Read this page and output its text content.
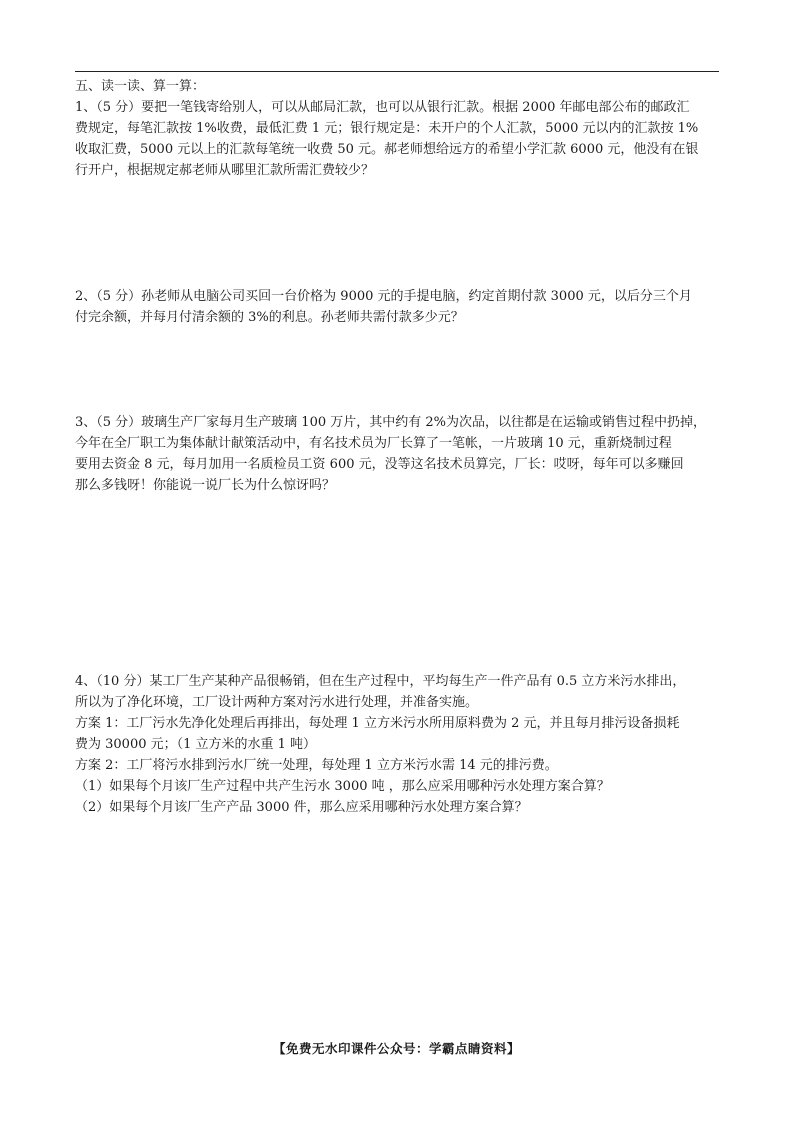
五、读一读、算一算：
1、（5 分）要把一笔钱寄给别人，可以从邮局汇款，也可以从银行汇款。根据 2000 年邮电部公布的邮政汇
费规定，每笔汇款按 1%收费，最低汇费 1 元；银行规定是：未开户的个人汇款，5000 元以内的汇款按 1%
收取汇费，5000 元以上的汇款每笔统一收费 50 元。郝老师想给远方的希望小学汇款 6000 元，他没有在银
行开户，根据规定郝老师从哪里汇款所需汇费较少？
2、（5 分）孙老师从电脑公司买回一台价格为 9000 元的手提电脑，约定首期付款 3000 元，以后分三个月
付完余额，并每月付清余额的 3%的利息。孙老师共需付款多少元？
3、（5 分）玻璃生产厂家每月生产玻璃 100 万片，其中约有 2%为次品，以往都是在运输或销售过程中扔掉，
今年在全厂职工为集体献计献策活动中，有名技术员为厂长算了一笔帐，一片玻璃 10 元，重新烧制过程
要用去资金 8 元，每月加用一名质检员工资 600 元，没等这名技术员算完，厂长：哎呀，每年可以多赚回
那么多钱呀！你能说一说厂长为什么惊讶吗？
4、（10 分）某工厂生产某种产品很畅销，但在生产过程中，平均每生产一件产品有 0.5 立方米污水排出，
所以为了净化环境，工厂设计两种方案对污水进行处理，并准备实施。
方案 1：工厂污水先净化处理后再排出，每处理 1 立方米污水所用原料费为 2 元，并且每月排污设备损耗
费为 30000 元；（1 立方米的水重 1 吨）
方案 2：工厂将污水排到污水厂统一处理，每处理 1 立方米污水需 14 元的排污费。
（1）如果每个月该厂生产过程中共产生污水 3000 吨 ，那么应采用哪种污水处理方案合算？
（2）如果每个月该厂生产产品 3000 件，那么应采用哪种污水处理方案合算？
【免费无水印课件公众号：学霸点睛资料】
